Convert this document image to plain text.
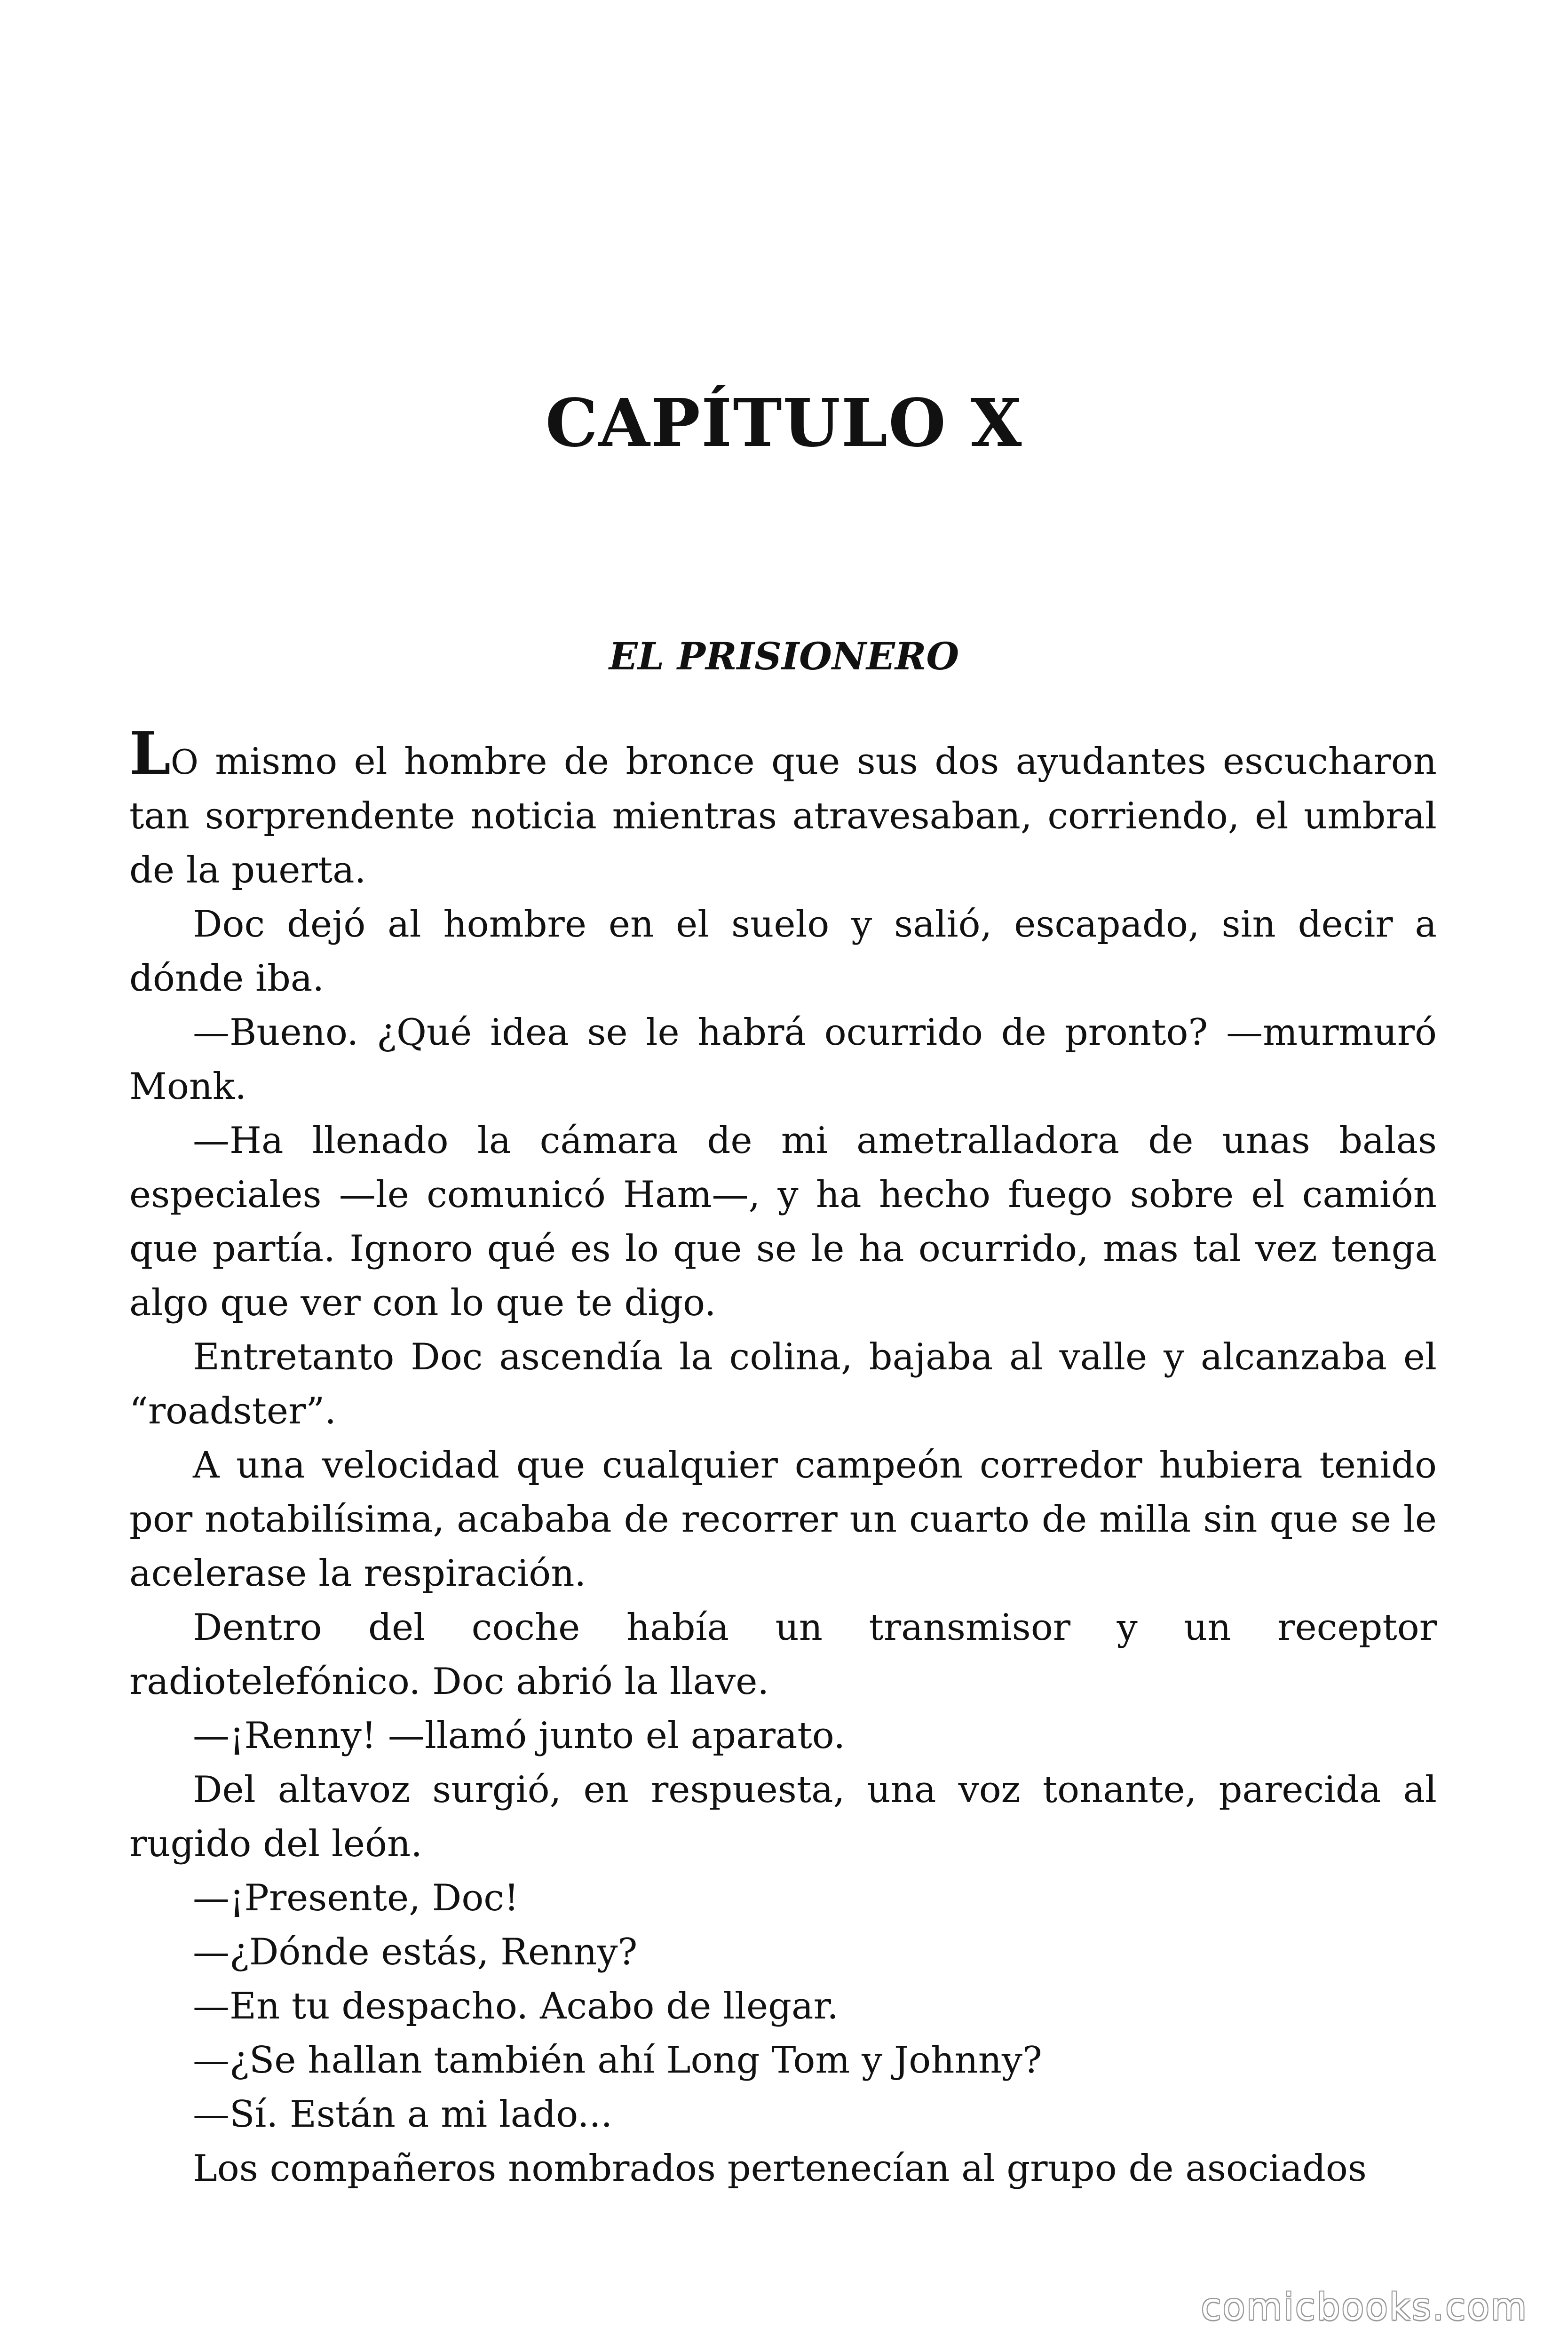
CAPÍTULO X
EL PRISIONERO

LO mismo el hombre de bronce que sus dos ayudantes escucharon tan sorprendente noticia mientras atravesaban, corriendo, el umbral de la puerta.

Doc dejó al hombre en el suelo y salió, escapado, sin decir a dónde iba.

—Bueno. ¿Qué idea se le habrá ocurrido de pronto? —murmuró Monk.

—Ha llenado la cámara de mi ametralladora de unas balas especiales —le comunicó Ham—, y ha hecho fuego sobre el camión que partía. Ignoro qué es lo que se le ha ocurrido, mas tal vez tenga algo que ver con lo que te digo.

Entretanto Doc ascendía la colina, bajaba al valle y alcanzaba el “roadster”.

A una velocidad que cualquier campeón corredor hubiera tenido por notabilísima, acababa de recorrer un cuarto de milla sin que se le acelerase la respiración.

Dentro del coche había un transmisor y un receptor radiotelefónico. Doc abrió la llave.

—¡Renny! —llamó junto el aparato.

Del altavoz surgió, en respuesta, una voz tonante, parecida al rugido del león.

—¡Presente, Doc!

—¿Dónde estás, Renny?

—En tu despacho. Acabo de llegar.

—¿Se hallan también ahí Long Tom y Johnny?

—Sí. Están a mi lado...

Los compañeros nombrados pertenecían al grupo de asociados

comicbooks.com
